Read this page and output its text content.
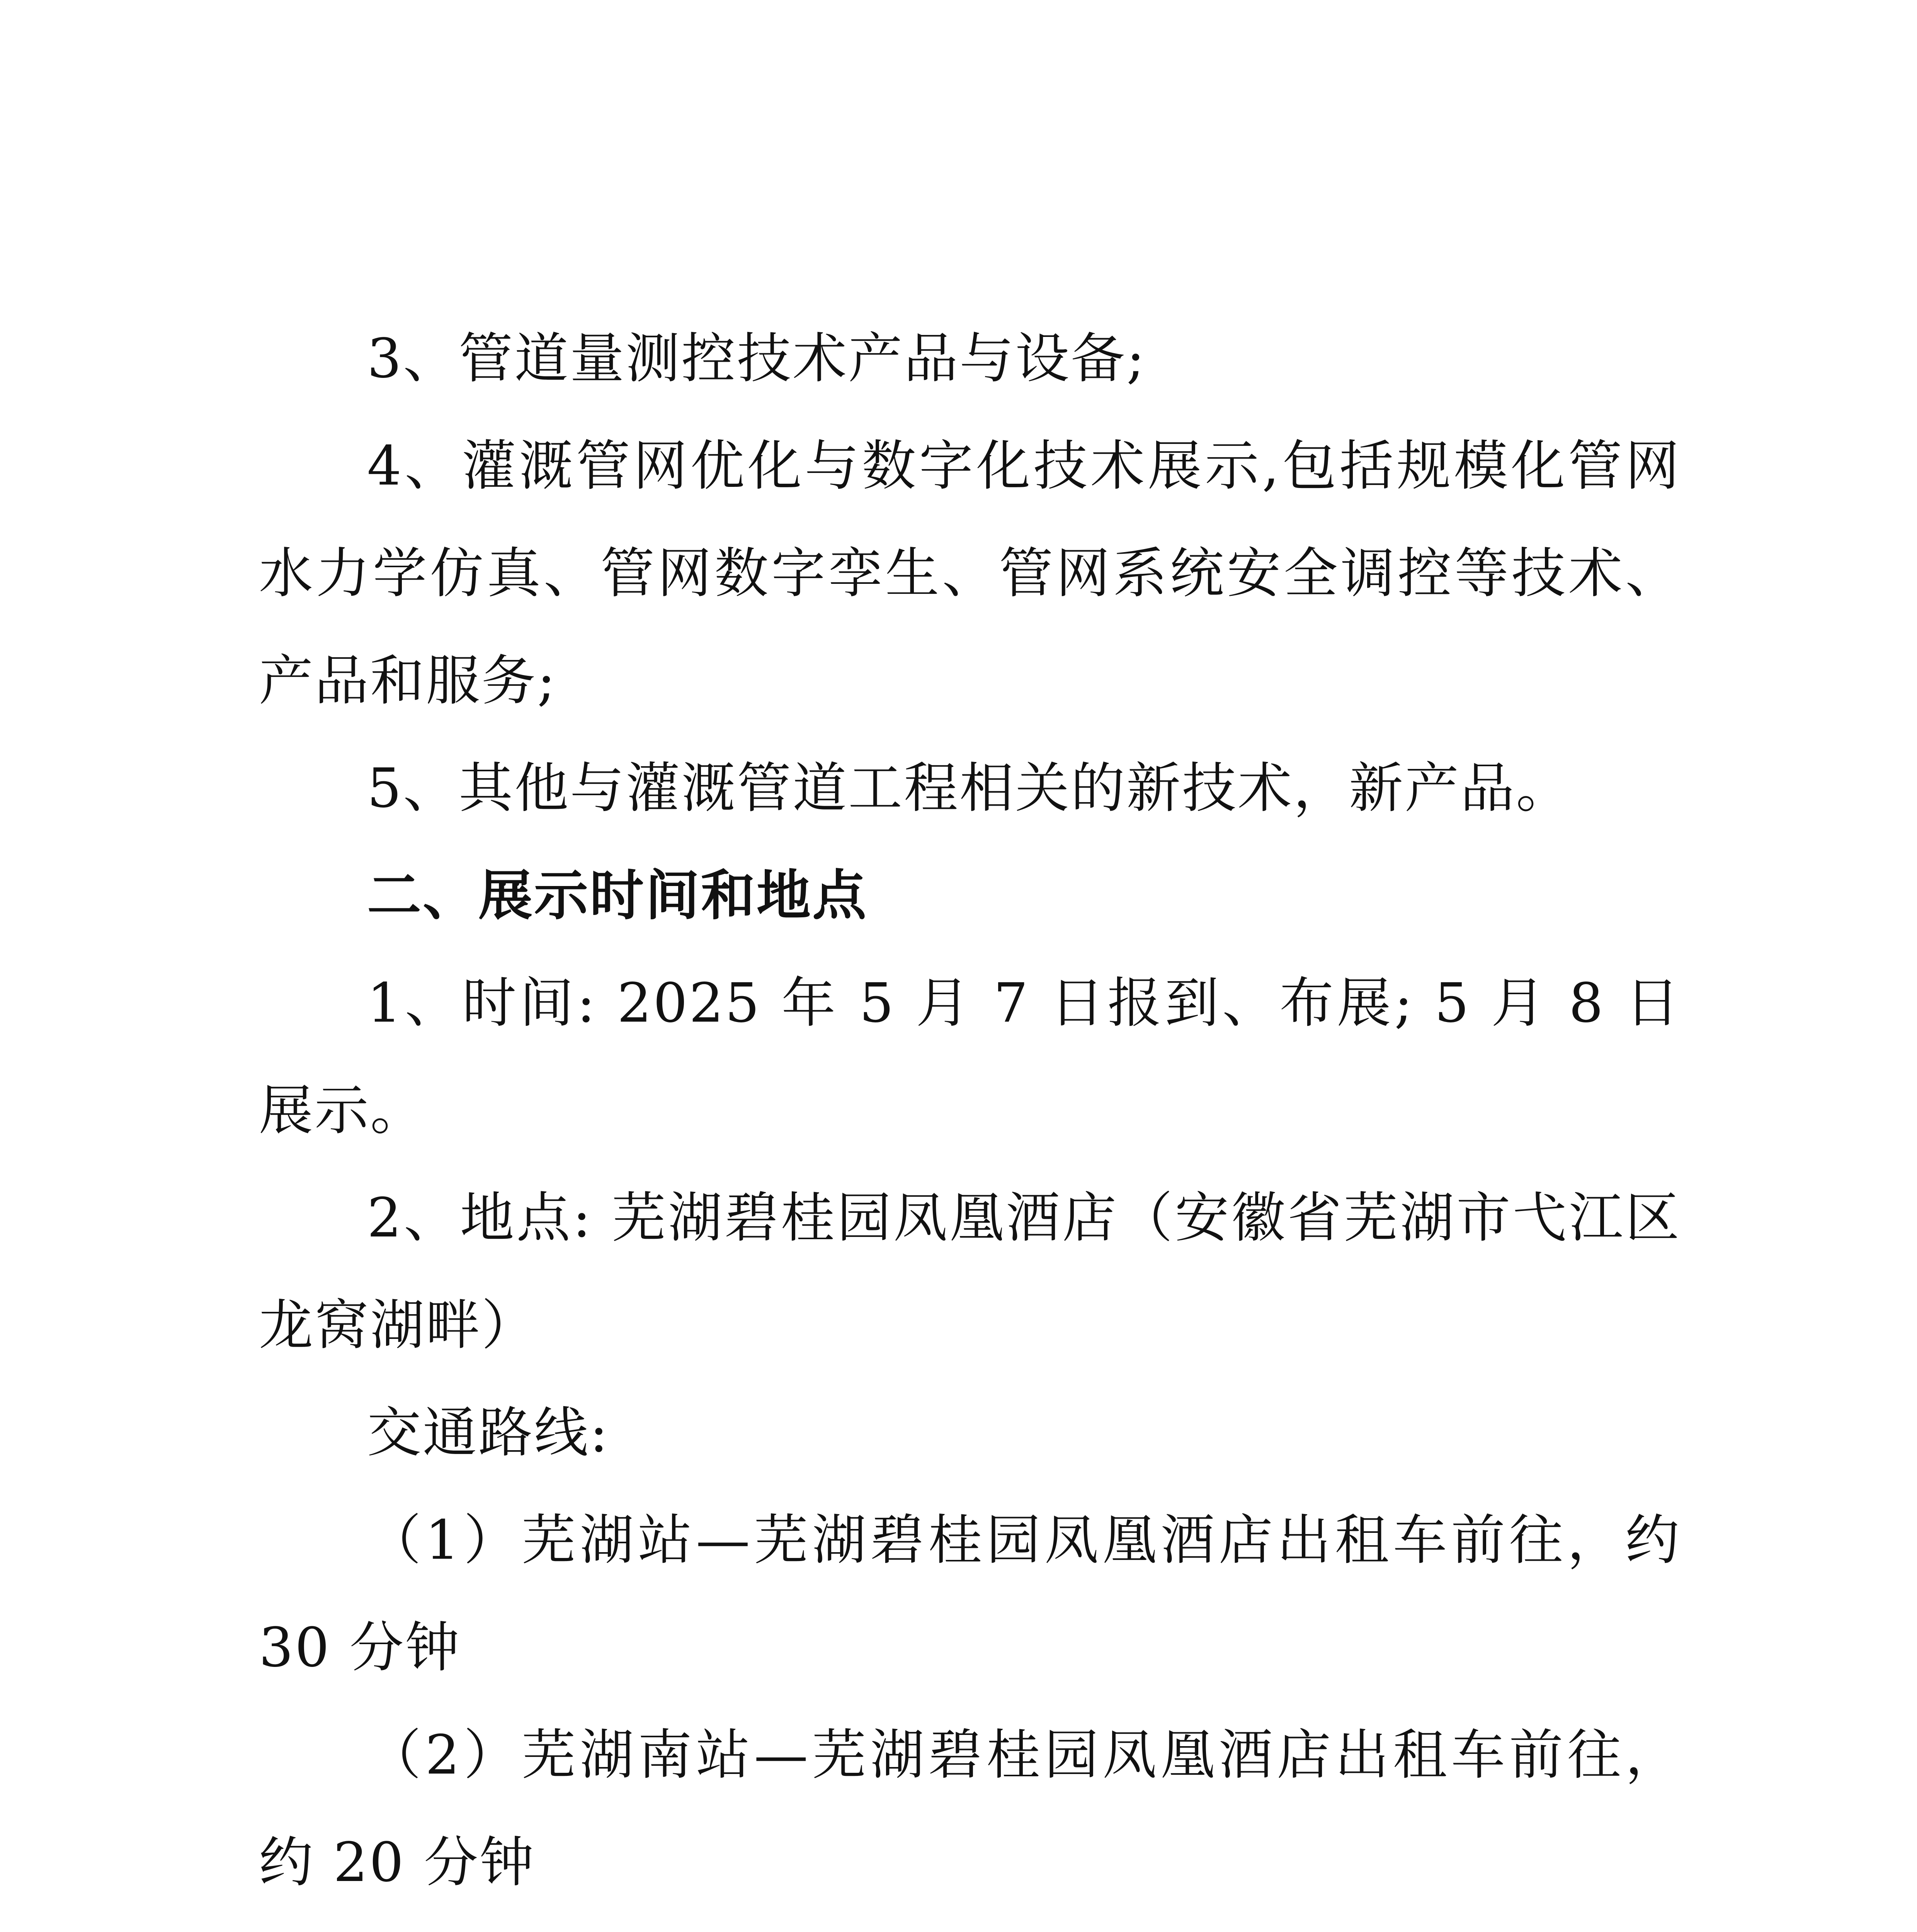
3、管道量测控技术产品与设备;

4、灌溉管网优化与数字化技术展示,包括规模化管网水力学仿真、管网数字孪生、管网系统安全调控等技术、产品和服务;

5、其他与灌溉管道工程相关的新技术，新产品。

二、展示时间和地点

1、时间: 2025 年 5 月 7 日报到、布展; 5 月 8 日展示。

2、地点: 芜湖碧桂园凤凰酒店（安徽省芜湖市弋江区龙窝湖畔）

交通路线:

（1）芜湖站—芜湖碧桂园凤凰酒店出租车前往，约 30 分钟

（2）芜湖南站—芜湖碧桂园凤凰酒店出租车前往，约 20 分钟
